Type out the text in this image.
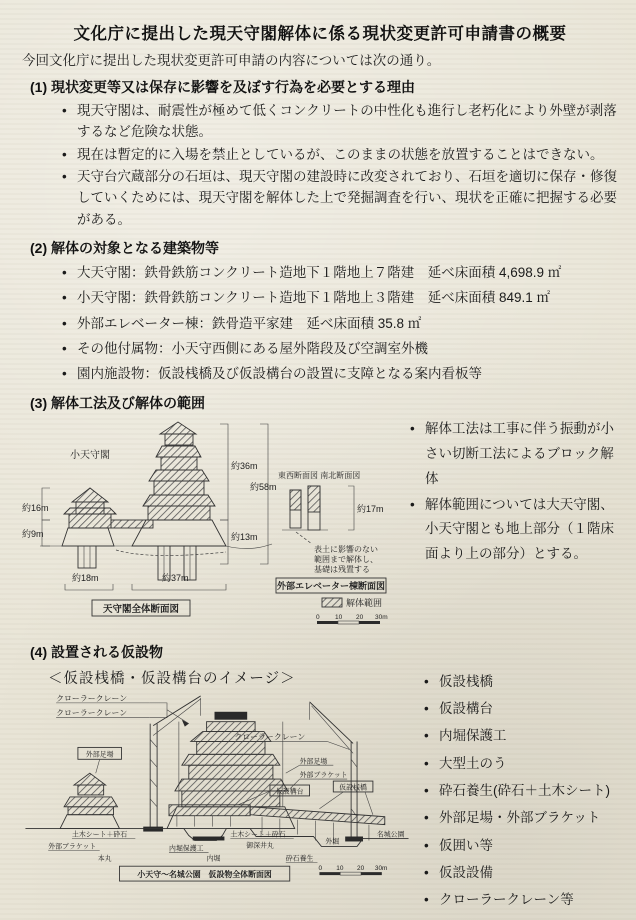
文化庁に提出した現天守閣解体に係る現状変更許可申請書の概要
今回文化庁に提出した現状変更許可申請の内容については次の通り。
(1) 現状変更等又は保存に影響を及ぼす行為を必要とする理由
• 現天守閣は、耐震性が極めて低くコンクリートの中性化も進行し老朽化により外壁が剥落するなど危険な状態。
• 現在は暫定的に入場を禁止としているが、このままの状態を放置することはできない。
• 天守台穴蔵部分の石垣は、現天守閣の建設時に改変されており、石垣を適切に保存・修復していくためには、現天守閣を解体した上で発掘調査を行い、現状を正確に把握する必要がある。
(2) 解体の対象となる建築物等
• 大天守閣：鉄骨鉄筋コンクリート造地下１階地上７階建　延べ床面積 4,698.9 ㎡
• 小天守閣：鉄骨鉄筋コンクリート造地下１階地上３階建　延べ床面積 849.1 ㎡
• 外部エレベーター棟：鉄骨造平家建　延べ床面積 35.8 ㎡
• その他付属物：小天守西側にある屋外階段及び空調室外機
• 園内施設物：仮設桟橋及び仮設構台の設置に支障となる案内看板等
(3) 解体工法及び解体の範囲
小天守閣
約16m
約9m
約36m
約58m
約13m
約18m	約37m
天守閣全体断面図
東西断面図 南北断面図
約17m
表土に影響のない
範囲まで解体し、
基礎は残置する
外部エレベーター棟断面図
解体範囲
0 10 20 30m
• 解体工法は工事に伴う振動が小さい切断工法によるブロック解体
• 解体範囲については大天守閣、小天守閣とも地上部分（１階床面より上の部分）とする。
(4) 設置される仮設物
＜仮設桟橋・仮設構台のイメージ＞
クローラークレーン
クローラークレーン
外部足場
クローラークレーン
外部足場
外部ブラケット
仮設構台
仮設桟橋
土木シート＋砕石
外部ブラケット
本丸
内堀保護工
内堀
土木シート＋砕石
御深井丸
砕石養生
外堀
名城公園
小天守～名城公園　仮設物全体断面図
0 10 20 30m
• 仮設桟橋
• 仮設構台
• 内堀保護工
• 大型土のう
• 砕石養生(砕石＋土木シート)
• 外部足場・外部ブラケット
• 仮囲い等
• 仮設設備
• クローラークレーン等
